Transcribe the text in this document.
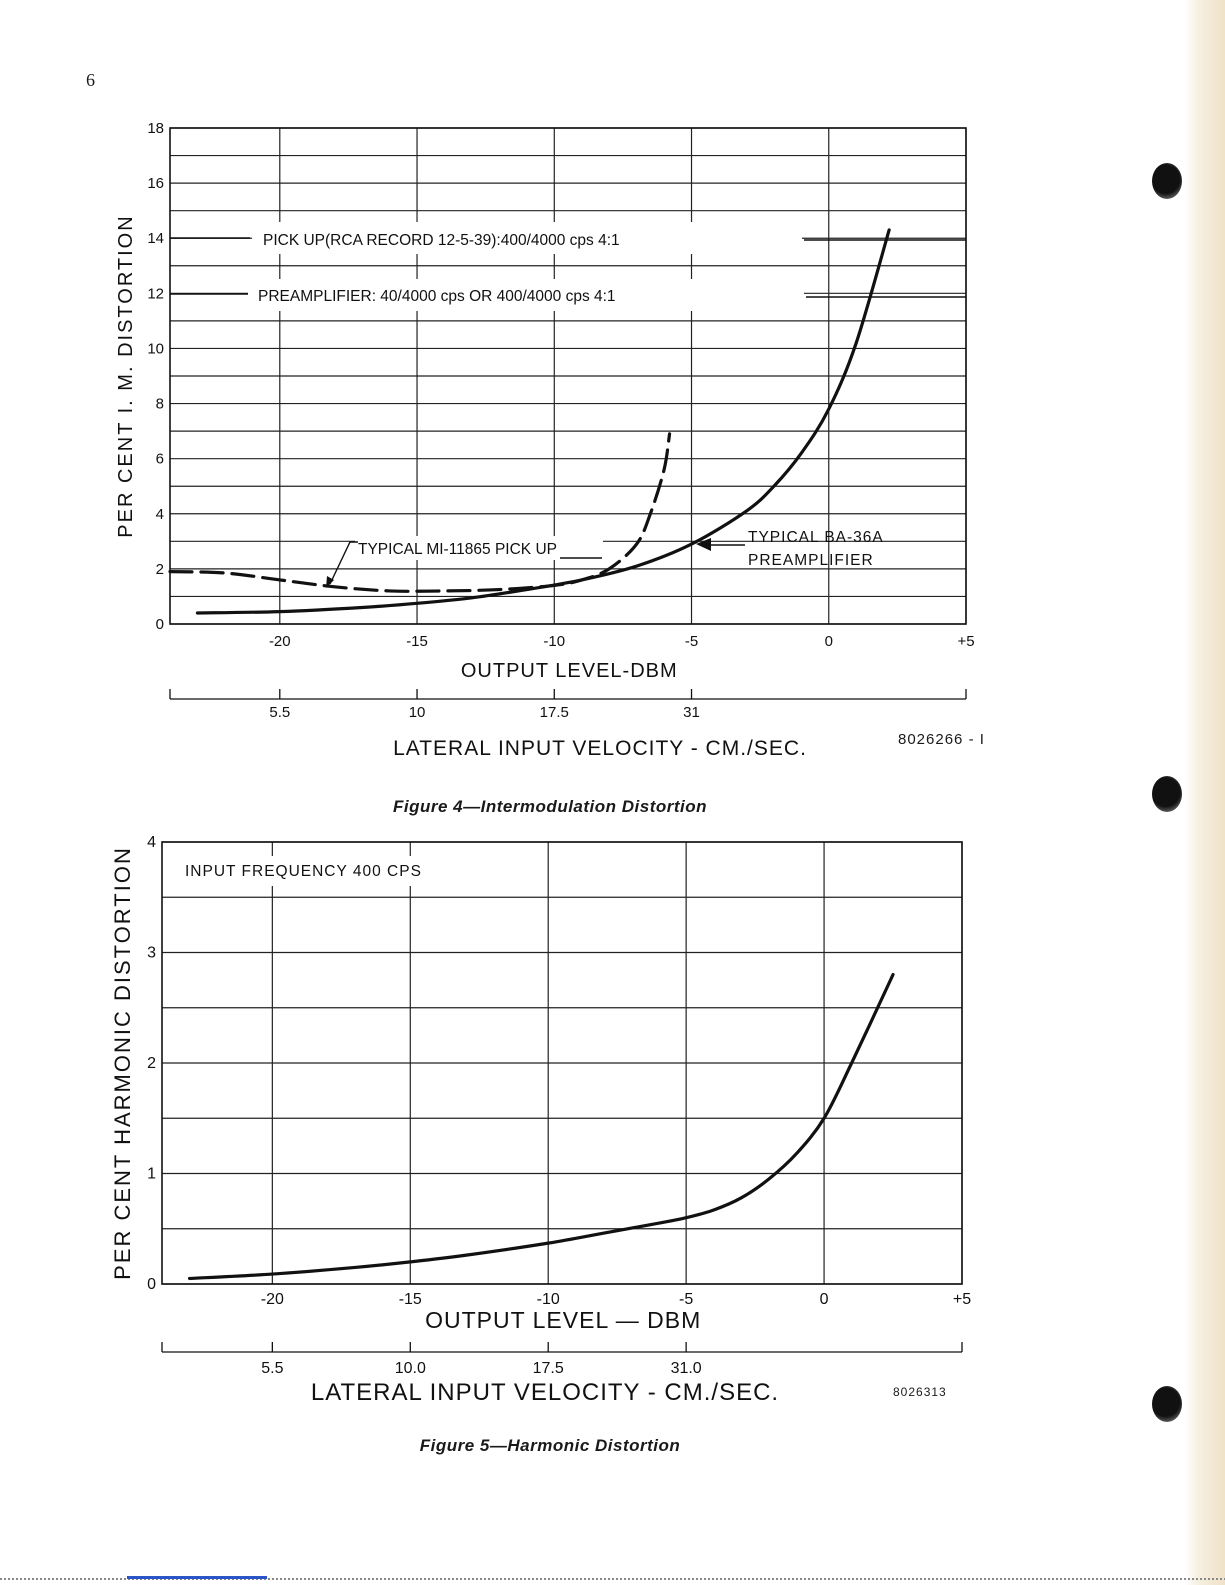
6
0
2
4
6
8
10
12
14
16
18
-20	-15	-10	-5	0	+5
OUTPUT LEVEL-DBM
PER CENT I. M. DISTORTION
5.5	10	17.5	31
LATERAL INPUT VELOCITY - CM./SEC.
PICK UP(RCA RECORD 12-5-39):400/4000 cps 4:1
PREAMPLIFIER: 40/4000 cps OR 400/4000 cps 4:1
TYPICAL MI-11865 PICK UP
TYPICAL BA-36A
PREAMPLIFIER
0
1
2
3
4
-20	-15	-10	-5	0	+5
OUTPUT LEVEL — DBM
PER CENT HARMONIC DISTORTION
5.5	10.0	17.5	31.0
LATERAL INPUT VELOCITY - CM./SEC.
INPUT FREQUENCY 400 CPS
Figure 4—Intermodulation Distortion
8026266 - I
Figure 5—Harmonic Distortion
8026313
